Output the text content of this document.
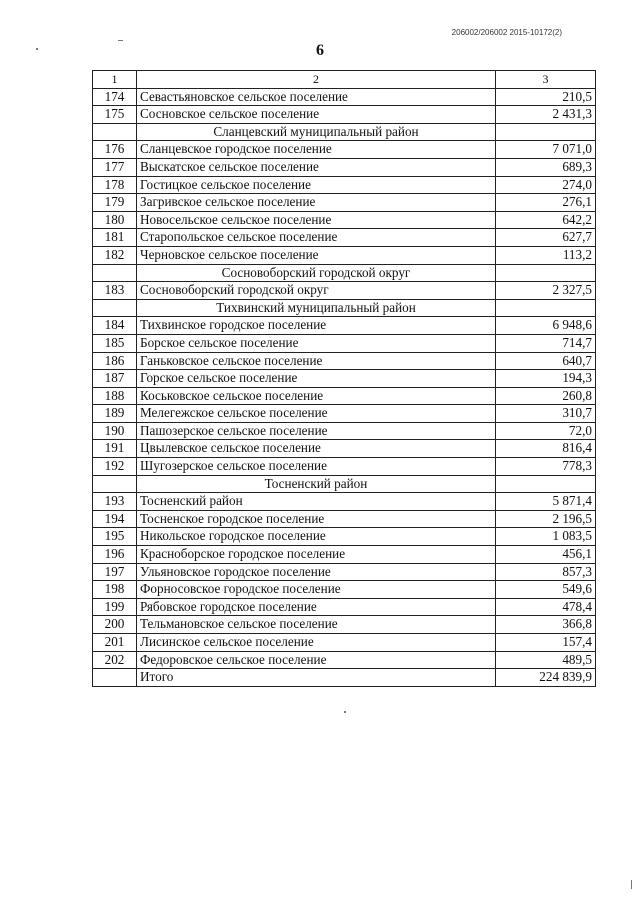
206002/206002 2015-10172(2)
6
1	2	3
174	Севастьяновское сельское поселение	210,5
175	Сосновское сельское поселение	2 431,3
	Сланцевский муниципальный район	
176	Сланцевское городское поселение	7 071,0
177	Выскатское сельское поселение	689,3
178	Гостицкое сельское поселение	274,0
179	Загривское сельское поселение	276,1
180	Новосельское сельское поселение	642,2
181	Старопольское сельское поселение	627,7
182	Черновское сельское поселение	113,2
	Сосновоборский городской округ	
183	Сосновоборский городской округ	2 327,5
	Тихвинский муниципальный район	
184	Тихвинское городское поселение	6 948,6
185	Борское сельское поселение	714,7
186	Ганьковское сельское поселение	640,7
187	Горское сельское поселение	194,3
188	Коськовское сельское поселение	260,8
189	Мелегежское сельское поселение	310,7
190	Пашозерское сельское поселение	72,0
191	Цвылевское сельское поселение	816,4
192	Шугозерское сельское поселение	778,3
	Тосненский район	
193	Тосненский район	5 871,4
194	Тосненское городское поселение	2 196,5
195	Никольское городское поселение	1 083,5
196	Красноборское городское поселение	456,1
197	Ульяновское городское поселение	857,3
198	Форносовское городское поселение	549,6
199	Рябовское городское поселение	478,4
200	Тельмановское сельское поселение	366,8
201	Лисинское сельское поселение	157,4
202	Федоровское сельское поселение	489,5
	Итого	224 839,9
